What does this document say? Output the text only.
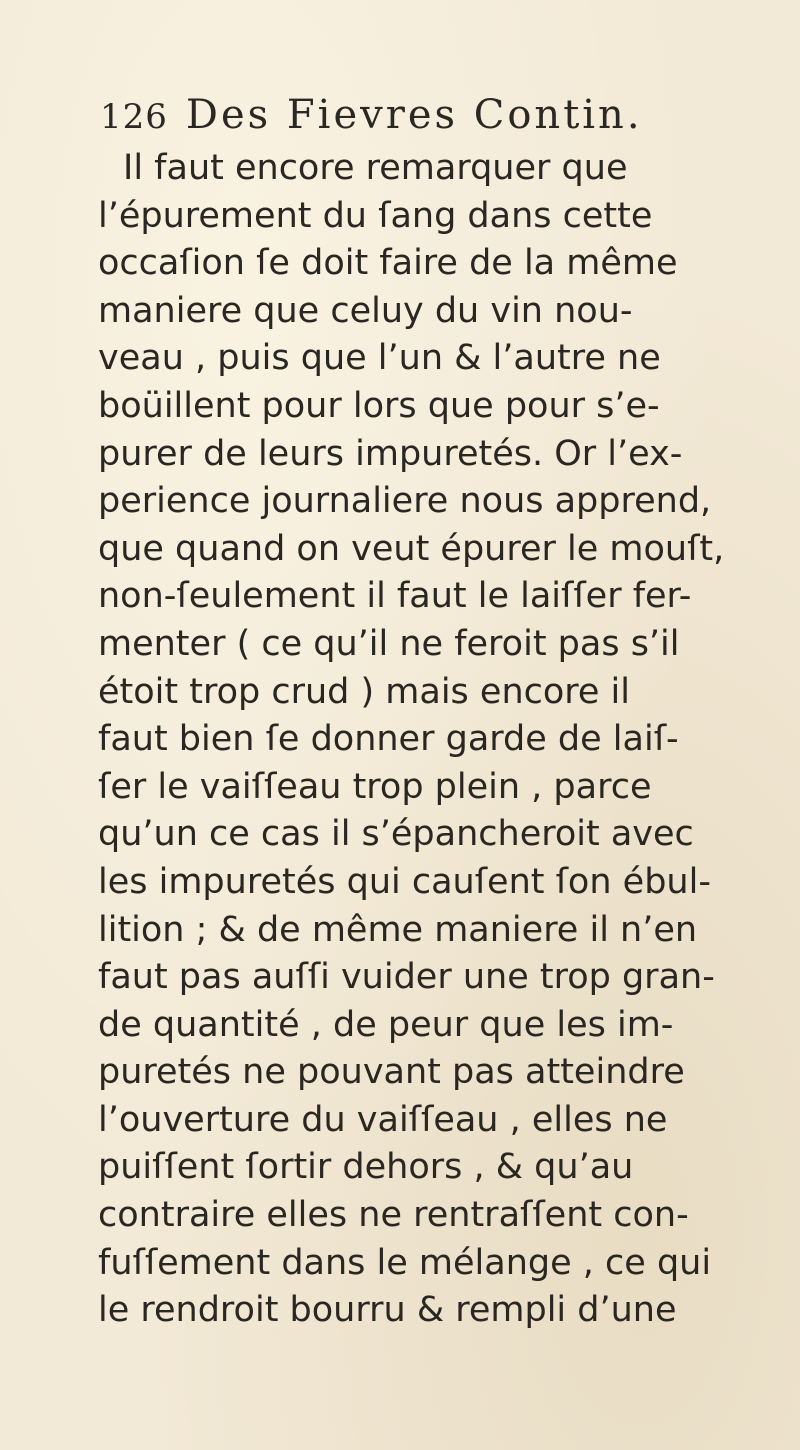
126 Des Fievres Contin.
Il faut encore remarquer que
l’épurement du ſang dans cette
occaſion ſe doit faire de la même
maniere que celuy du vin nou-
veau , puis que l’un & l’autre ne
boüillent pour lors que pour s’e-
purer de leurs impuretés. Or l’ex-
perience journaliere nous apprend,
que quand on veut épurer le mouſt,
non-ſeulement il faut le laiſſer fer-
menter ( ce qu’il ne feroit pas s’il
étoit trop crud ) mais encore il
faut bien ſe donner garde de laiſ-
ſer le vaiſſeau trop plein , parce
qu’un ce cas il s’épancheroit avec
les impuretés qui cauſent ſon ébul-
lition ; & de même maniere il n’en
faut pas auſſi vuider une trop gran-
de quantité , de peur que les im-
puretés ne pouvant pas atteindre
l’ouverture du vaiſſeau , elles ne
puiſſent ſortir dehors , & qu’au
contraire elles ne rentraſſent con-
fuſſement dans le mélange , ce qui
le rendroit bourru & rempli d’une
